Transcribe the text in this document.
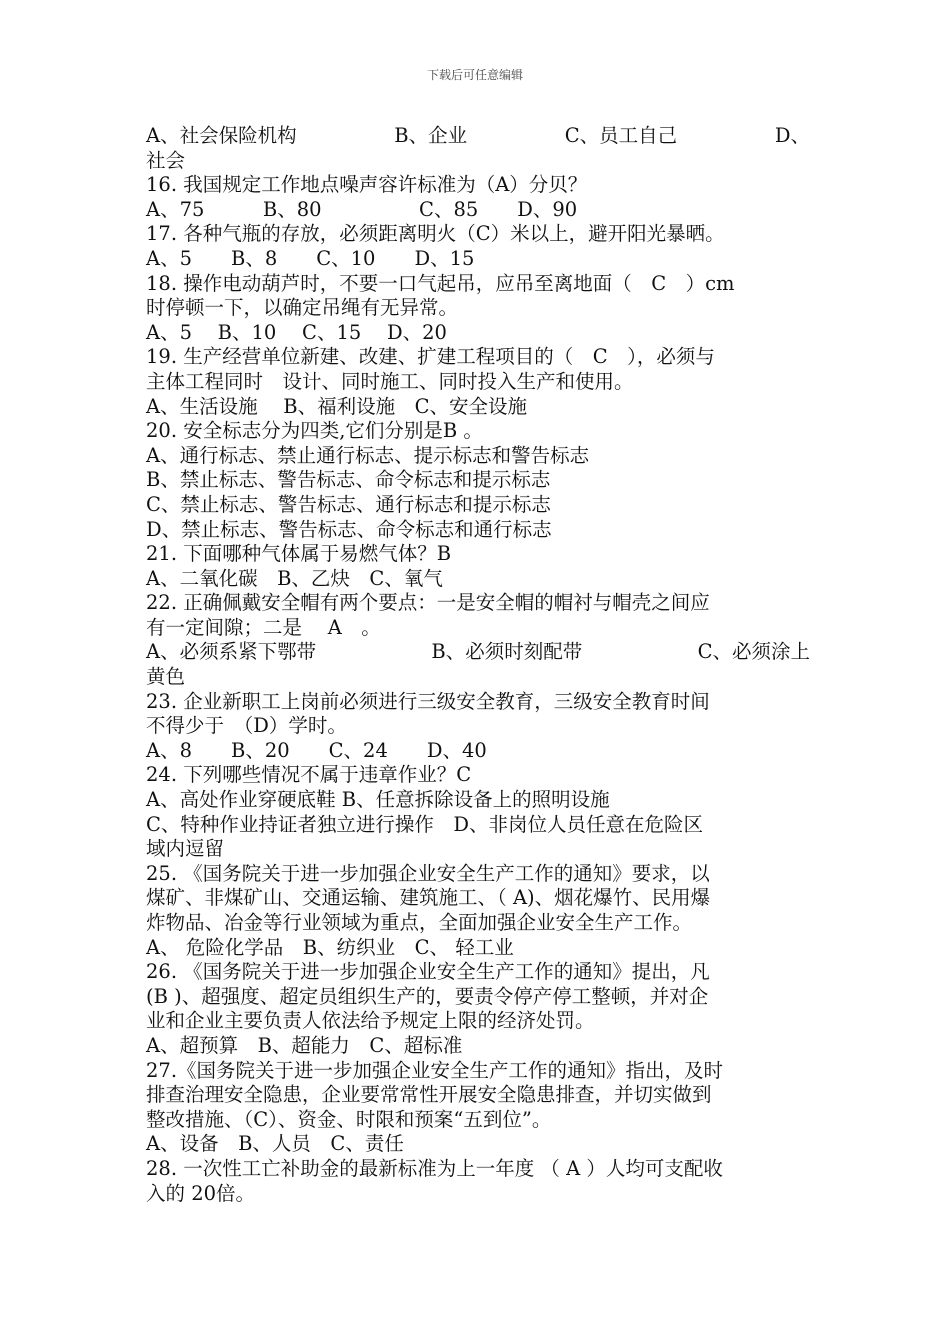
下载后可任意编辑
A、社会保险机构	B、企业	C、员工自己	D、
社会
16. 我国规定工作地点噪声容许标准为（A）分贝？
A、75　　　B、80　　　　　C、85　　D、90
17. 各种气瓶的存放，必须距离明火（C）米以上，避开阳光暴晒。
A、5　　B、8　　C、10　　D、15
18. 操作电动葫芦时，不要一口气起吊，应吊至离地面（　C　）cm
时停顿一下，以确定吊绳有无异常。
A、5　 B、10　 C、15　 D、20
19. 生产经营单位新建、改建、扩建工程项目的（　C　），必须与
主体工程同时　设计、同时施工、同时投入生产和使用。
A、生活设施　 B、福利设施　C、安全设施
20. 安全标志分为四类,它们分别是B 。
A、通行标志、禁止通行标志、提示标志和警告标志
B、禁止标志、警告标志、命令标志和提示标志
C、禁止标志、警告标志、通行标志和提示标志
D、禁止标志、警告标志、命令标志和通行标志
21. 下面哪种气体属于易燃气体？B
A、二氧化碳　B、乙炔　C、氧气
22. 正确佩戴安全帽有两个要点：一是安全帽的帽衬与帽壳之间应
有一定间隙；二是 　A　。
A、必须系紧下鄂带	B、必须时刻配带	C、必须涂上
黄色
23. 企业新职工上岗前必须进行三级安全教育，三级安全教育时间
不得少于　（D）学时。
A、8　　B、20　　C、24　　D、40
24. 下列哪些情况不属于违章作业？C
A、高处作业穿硬底鞋 B、任意拆除设备上的照明设施
C、特种作业持证者独立进行操作　D、非岗位人员任意在危险区
域内逗留
25. 《国务院关于进一步加强企业安全生产工作的通知》要求，以
煤矿、非煤矿山、交通运输、建筑施工、（ A)、烟花爆竹、民用爆
炸物品、冶金等行业领域为重点，全面加强企业安全生产工作。
A、 危险化学品　B、纺织业　C、 轻工业
26. 《国务院关于进一步加强企业安全生产工作的通知》提出，凡
(B )、超强度、超定员组织生产的，要责令停产停工整顿，并对企
业和企业主要负责人依法给予规定上限的经济处罚。
A、超预算　B、超能力　C、超标准
27.《国务院关于进一步加强企业安全生产工作的通知》指出，及时
排查治理安全隐患，企业要常常性开展安全隐患排查，并切实做到
整改措施、（C）、资金、时限和预案“五到位”。
A、设备　B、人员　C、责任
28. 一次性工亡补助金的最新标准为上一年度 （ A ）人均可支配收
入的 20倍。
